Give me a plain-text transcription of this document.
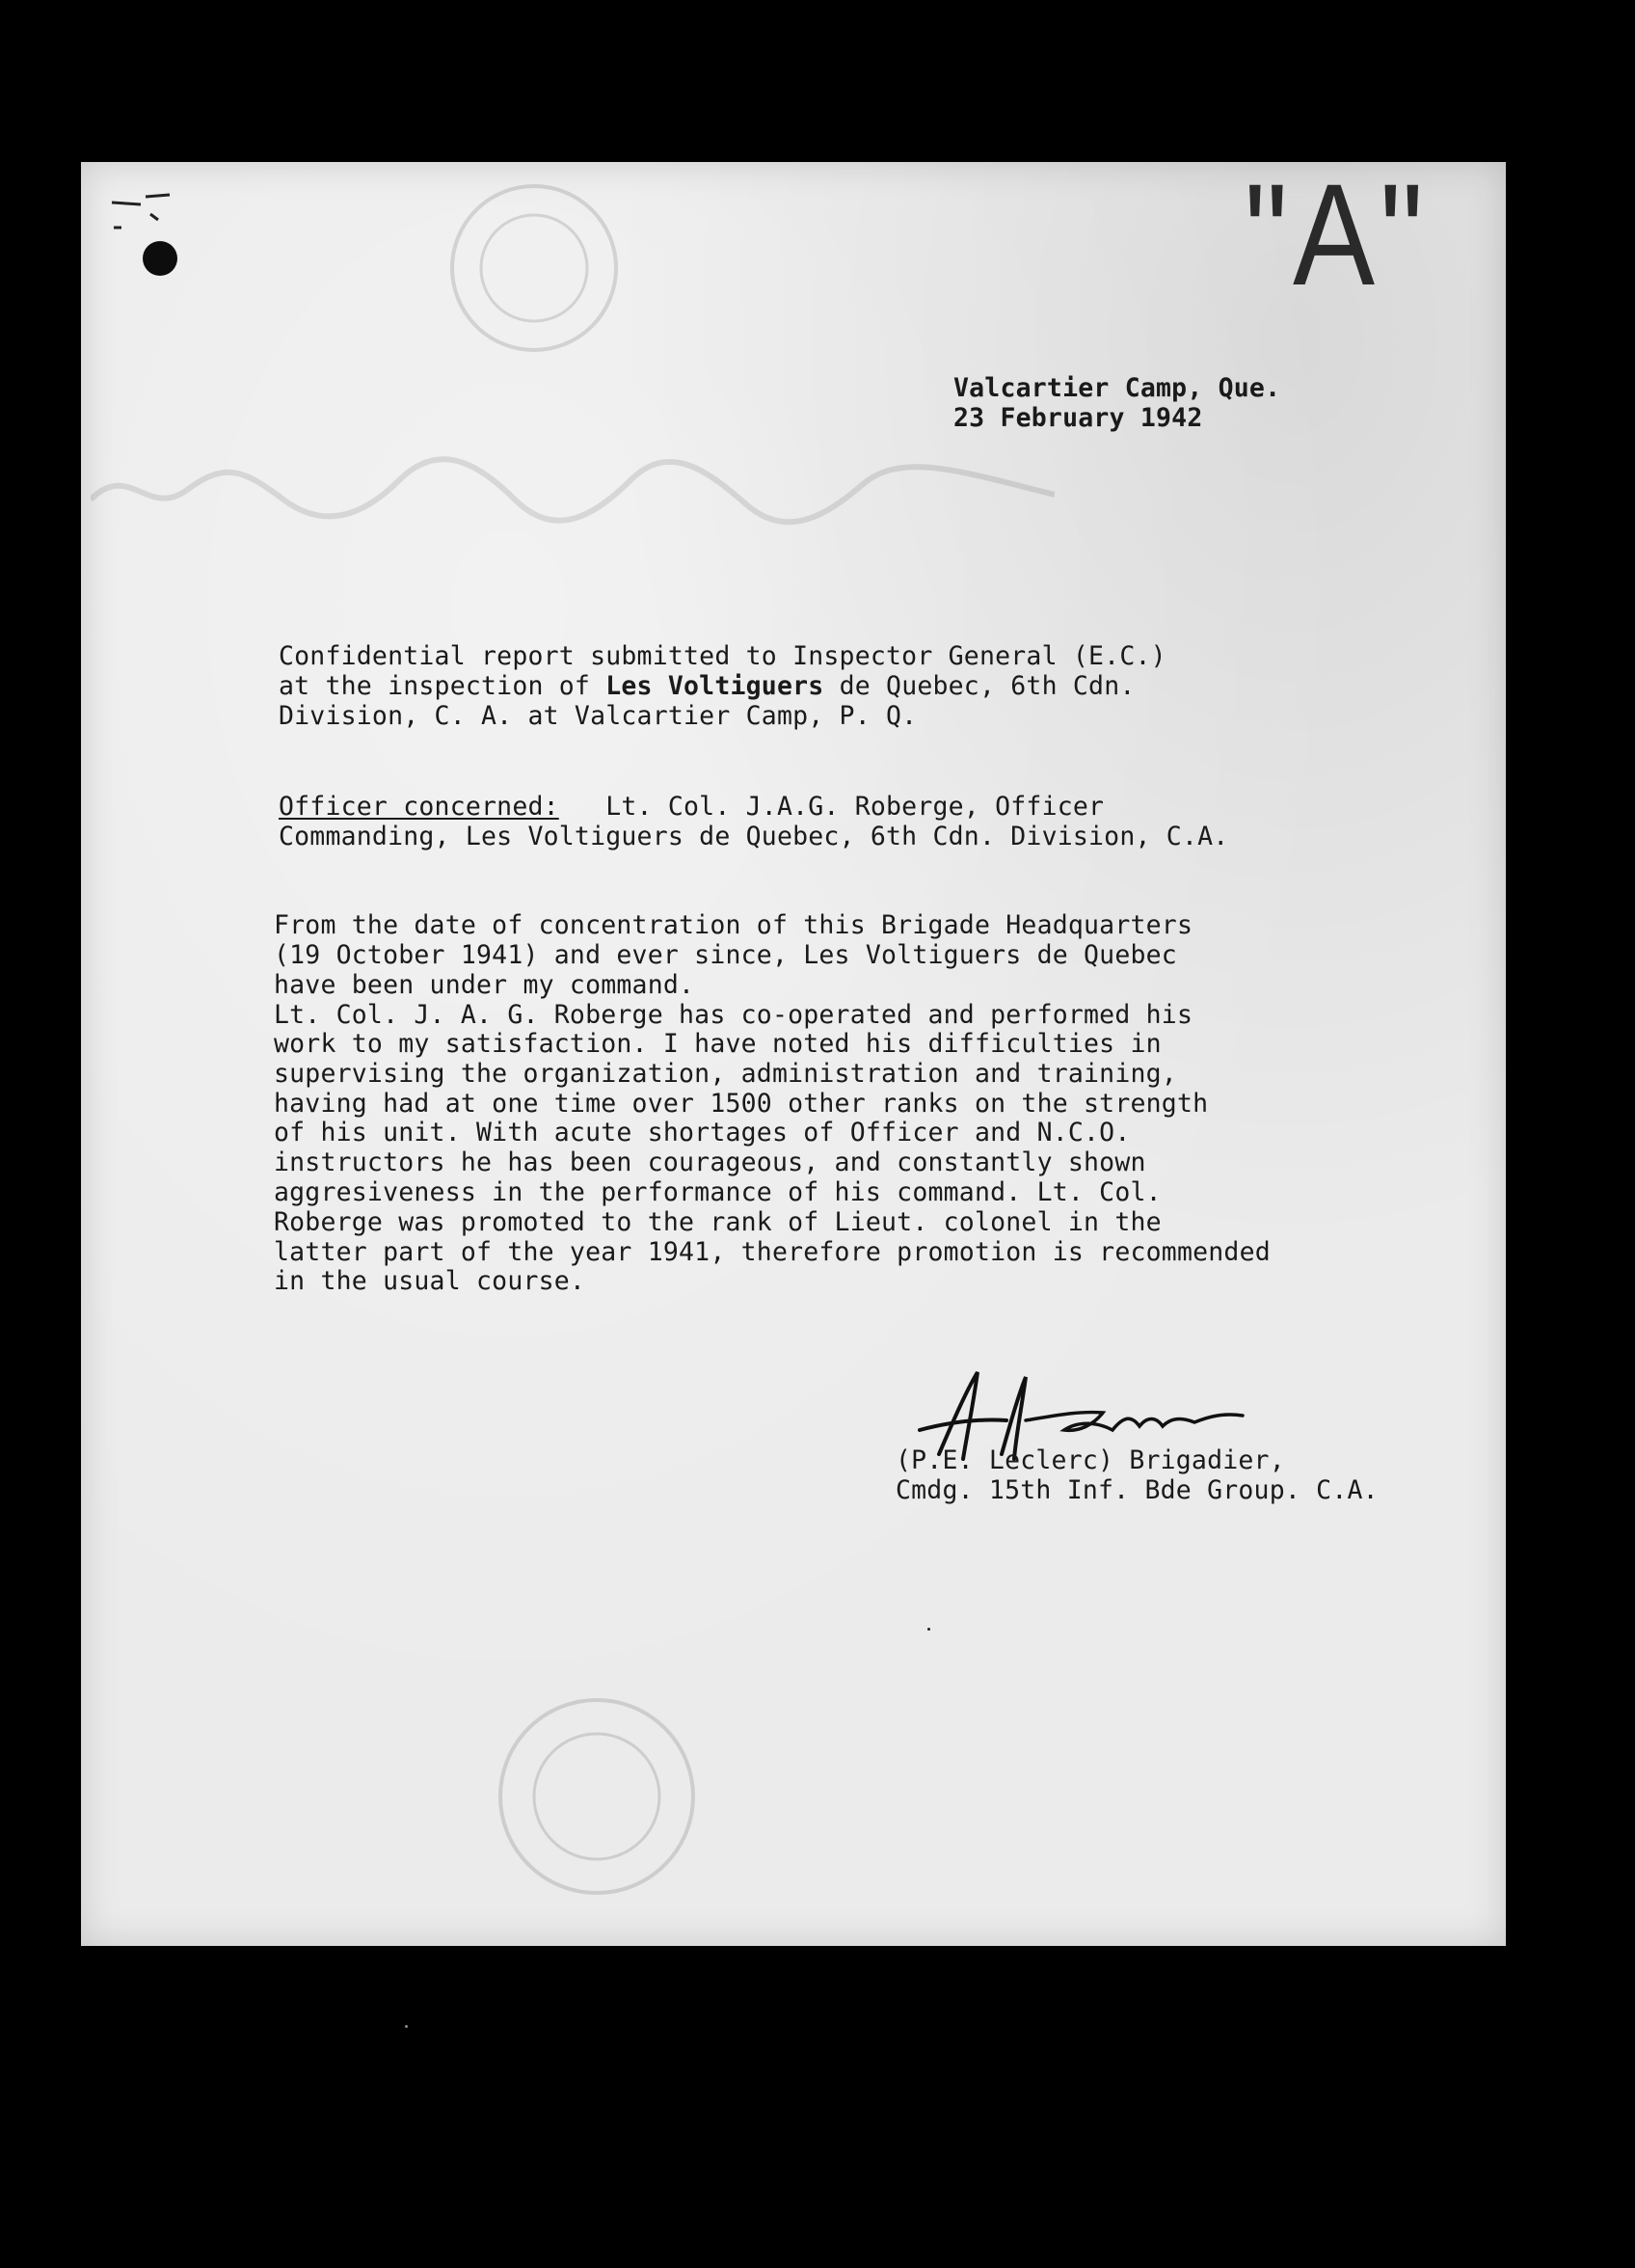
"A"
Valcartier Camp, Que.
23 February 1942
Confidential report submitted to Inspector General (E.C.)
at the inspection of Les Voltiguers de Quebec, 6th Cdn.
Division, C. A. at Valcartier Camp, P. Q.
Officer concerned:   Lt. Col. J.A.G. Roberge, Officer
Commanding, Les Voltiguers de Quebec, 6th Cdn. Division, C.A.
From the date of concentration of this Brigade Headquarters
(19 October 1941) and ever since, Les Voltiguers de Quebec
have been under my command.
Lt. Col. J. A. G. Roberge has co-operated and performed his
work to my satisfaction. I have noted his difficulties in
supervising the organization, administration and training,
having had at one time over 1500 other ranks on the strength
of his unit. With acute shortages of Officer and N.C.O.
instructors he has been courageous, and constantly shown
aggresiveness in the performance of his command. Lt. Col.
Roberge was promoted to the rank of Lieut. colonel in the
latter part of the year 1941, therefore promotion is recommended
in the usual course.
(P.E. Leclerc) Brigadier,
Cmdg. 15th Inf. Bde Group. C.A.
